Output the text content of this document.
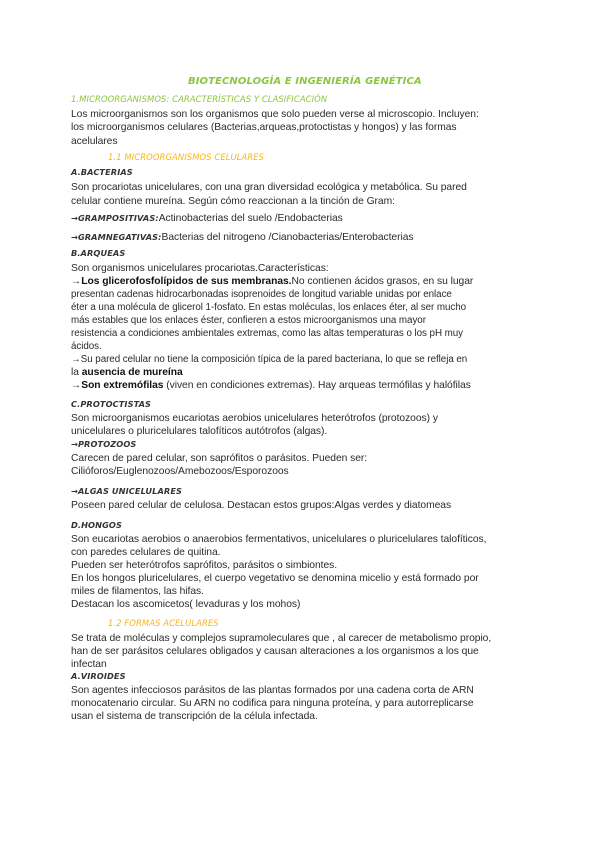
BIOTECNOLOGÍA E INGENIERÍA GENÉTICA
1.MICROORGANISMOS: CARACTERÍSTICAS Y CLASIFICACIÓN
Los microorganismos son los organismos que solo pueden verse al microscopio. Incluyen:
los microorganismos celulares (Bacterias,arqueas,protoctistas y hongos) y las formas
acelulares
1.1 MICROORGANISMOS CELULARES
A.BACTERIAS
Son procariotas unicelulares, con una gran diversidad ecológica y metabólica. Su pared
celular contiene mureína. Según cómo reaccionan a la tinción de Gram:
→GRAMPOSITIVAS:Actinobacterias del suelo /Endobacterias
→GRAMNEGATIVAS:Bacterias del nitrogeno /Cianobacterias/Enterobacterias
B.ARQUEAS
Son organismos unicelulares procariotas.Características:
→Los glicerofosfolípidos de sus membranas.No contienen ácidos grasos, en su lugar
presentan cadenas hidrocarbonadas isoprenoides de longitud variable unidas por enlace
éter a una molécula de glicerol 1-fosfato. En estas moléculas, los enlaces éter, al ser mucho
más estables que los enlaces éster, confieren a estos microorganismos una mayor
resistencia a condiciones ambientales extremas, como las altas temperaturas o los pH muy
ácidos.
→Su pared celular no tiene la composición típica de la pared bacteriana, lo que se refleja en
la ausencia de mureína
→Son extremófilas (viven en condiciones extremas). Hay arqueas termófilas y halófilas
C.PROTOCTISTAS
Son microorganismos eucariotas aerobios unicelulares heterótrofos (protozoos) y
unicelulares o pluricelulares talofíticos autótrofos (algas).
→PROTOZOOS
Carecen de pared celular, son saprófitos o parásitos. Pueden ser:
Cilióforos/Euglenozoos/Amebozoos/Esporozoos
→ALGAS UNICELULARES
Poseen pared celular de celulosa. Destacan estos grupos:Algas verdes y diatomeas
D.HONGOS
Son eucariotas aerobios o anaerobios fermentativos, unicelulares o pluricelulares talofíticos,
con paredes celulares de quitina.
Pueden ser heterótrofos saprófitos, parásitos o simbiontes.
En los hongos pluricelulares, el cuerpo vegetativo se denomina micelio y está formado por
miles de filamentos, las hifas.
Destacan los ascomicetos( levaduras y los mohos)
1.2 FORMAS ACELULARES
Se trata de moléculas y complejos supramoleculares que , al carecer de metabolismo propio,
han de ser parásitos celulares obligados y causan alteraciones a los organismos a los que
infectan
A.VIROIDES
Son agentes infecciosos parásitos de las plantas formados por una cadena corta de ARN
monocatenario circular. Su ARN no codifica para ninguna proteína, y para autorreplicarse
usan el sistema de transcripción de la célula infectada.
